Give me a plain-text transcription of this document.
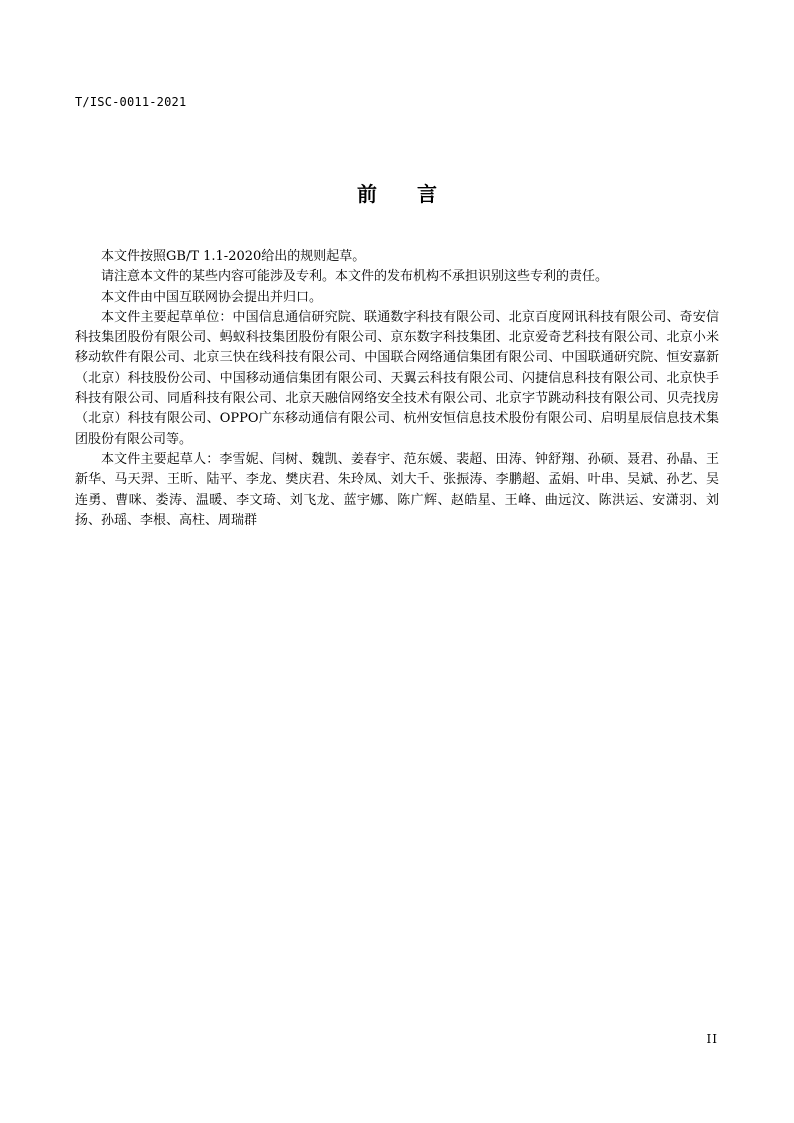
T/ISC-0011-2021
前言

本文件按照GB/T 1.1-2020给出的规则起草。

请注意本文件的某些内容可能涉及专利。本文件的发布机构不承担识别这些专利的责任。

本文件由中国互联网协会提出并归口。

本文件主要起草单位：中国信息通信研究院、联通数字科技有限公司、北京百度网讯科技有限公司、奇安信科技集团股份有限公司、蚂蚁科技集团股份有限公司、京东数字科技集团、北京爱奇艺科技有限公司、北京小米移动软件有限公司、北京三快在线科技有限公司、中国联合网络通信集团有限公司、中国联通研究院、恒安嘉新（北京）科技股份公司、中国移动通信集团有限公司、天翼云科技有限公司、闪捷信息科技有限公司、北京快手科技有限公司、同盾科技有限公司、北京天融信网络安全技术有限公司、北京字节跳动科技有限公司、贝壳找房（北京）科技有限公司、OPPO广东移动通信有限公司、杭州安恒信息技术股份有限公司、启明星辰信息技术集团股份有限公司等。

本文件主要起草人：李雪妮、闫树、魏凯、姜春宇、范东媛、裴超、田涛、钟舒翔、孙硕、聂君、孙晶、王新华、马天羿、王昕、陆平、李龙、樊庆君、朱玲凤、刘大千、张振涛、李鹏超、孟娟、叶串、吴斌、孙艺、吴连勇、曹咪、娄涛、温暖、李文琦、刘飞龙、蓝宇娜、陈广辉、赵皓星、王峰、曲远汶、陈洪运、安潇羽、刘扬、孙瑶、李根、高柱、周瑞群

II
